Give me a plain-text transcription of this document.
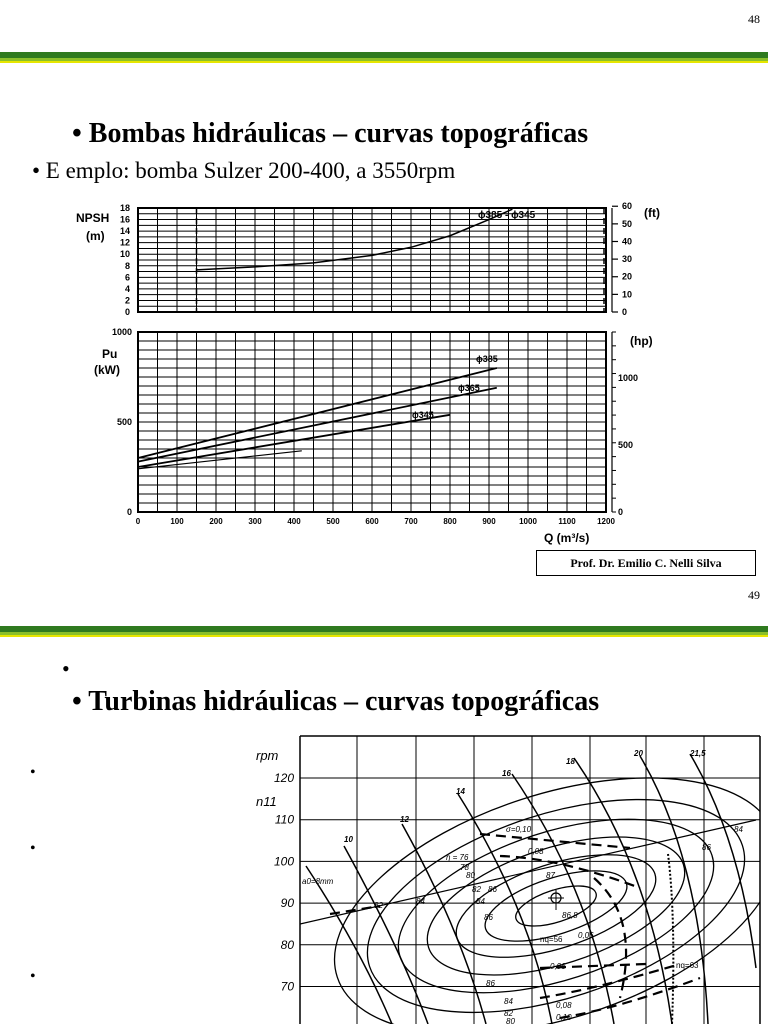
48
• Bombas hidráulicas – curvas topográficas
• E emplo: bomba Sulzer 200-400, a 3550rpm
NPSH
(m)
(ft)
18
16
14
12
10
8
6
4
2
0
60
50
40
30
20
10
0
ϕ385 - ϕ345
Pu
(kW)
(hp)
1000
500
0
1000
500
0
0	100	200	300	400	500	600	700	800	900	1000	1100	1200
Q (m³/s)
ϕ385
ϕ365
ϕ345
Prof. Dr. Emilio C. Nelli Silva
49
•
• Turbinas hidráulicas – curvas topográficas
•
•
•
rpm
n11
120
110
100
90
80
70
10
12
14
16
18
20	21,5
a0=8mm
η = 76
78
80
82 86
84
86
87
82	84
86
84
82
80
86
86,8
σ=0,10
0,08
0,06
0,06
0,08
0,10
nq=56
nq=63
84
